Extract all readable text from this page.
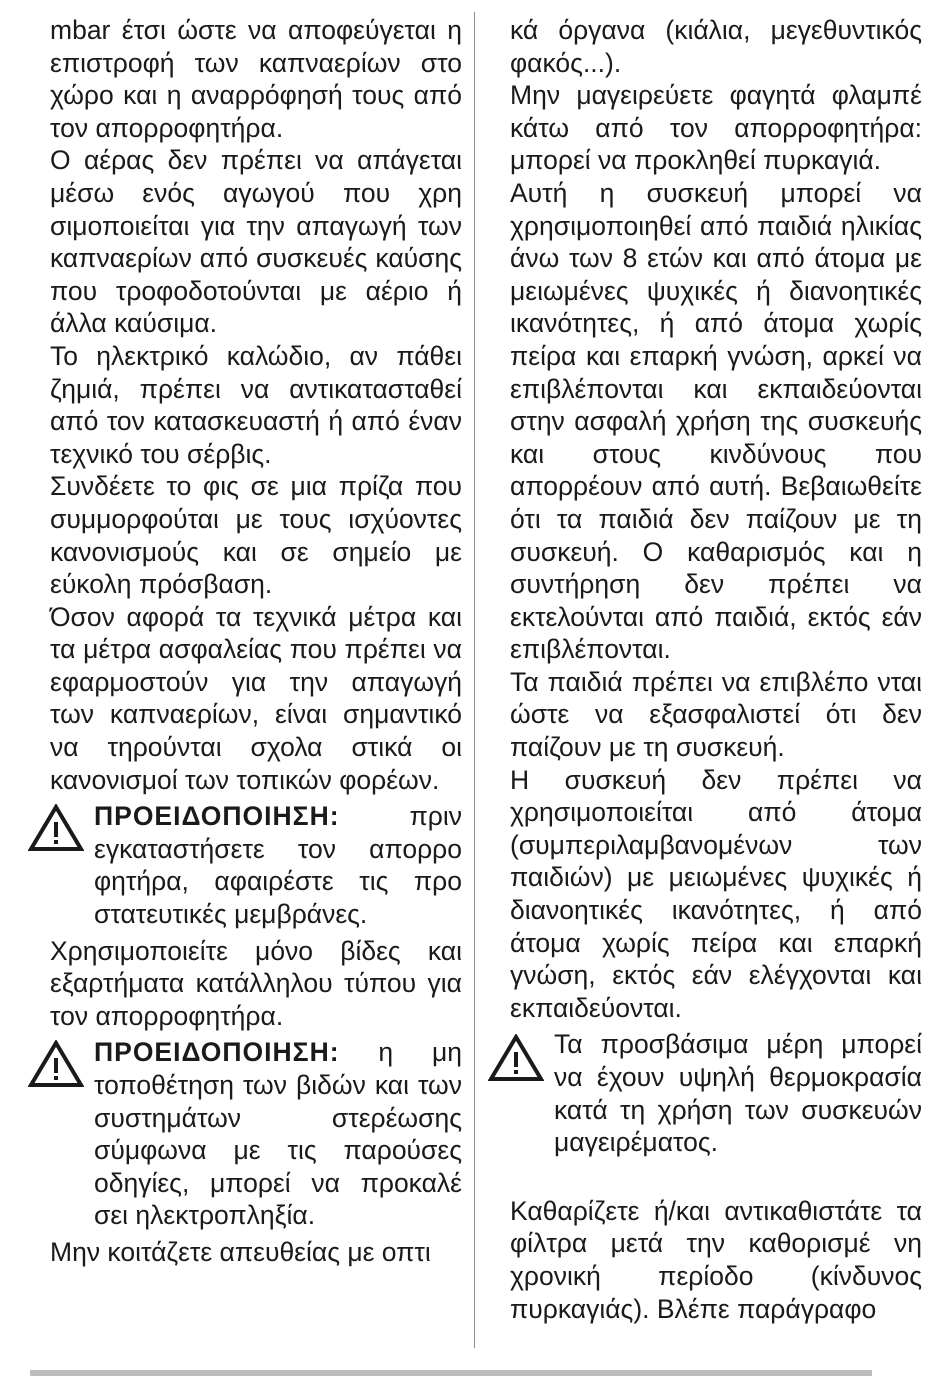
mbar έτσι ώστε να αποφεύγεται η επιστροφή των καπναερίων στο χώρο και η αναρρόφησή τους από τον απορροφητήρα.

Ο αέρας δεν πρέπει να απάγεται μέσω ενός αγωγού που χρη σιμοποιείται για την απαγωγή των καπναερίων από συσκευές καύσης που τροφοδοτούνται με αέριο ή άλλα καύσιμα.

Το ηλεκτρικό καλώδιο, αν πάθει ζημιά, πρέπει να αντικατασταθεί από τον κατασκευαστή ή από έναν τεχνικό του σέρβις.

Συνδέετε το φις σε μια πρίζα που συμμορφούται με τους ισχύοντες κανονισμούς και σε σημείο με εύκολη πρόσβαση.

Όσον αφορά τα τεχνικά μέτρα και τα μέτρα ασφαλείας που πρέπει να εφαρμοστούν για την απαγωγή των καπναερίων, είναι σημαντικό να τηρούνται σχολα στικά οι κανονισμοί των τοπικών φορέων.

ΠΡΟΕΙΔΟΠΟΙΗΣΗ: πριν εγκαταστήσετε τον απορρο φητήρα, αφαιρέστε τις προ στατευτικές μεμβράνες.

Χρησιμοποιείτε μόνο βίδες και εξαρτήματα κατάλληλου τύπου για τον απορροφητήρα.

ΠΡΟΕΙΔΟΠΟΙΗΣΗ: η μη τοποθέτηση των βιδών και των συστημάτων στερέωσης σύμφωνα με τις παρούσες οδηγίες, μπορεί να προκαλέ σει ηλεκτροπληξία.

Μην κοιτάζετε απευθείας με οπτι

κά όργανα (κιάλια, μεγεθυντικός φακός...).

Μην μαγειρεύετε φαγητά φλαμπέ κάτω από τον απορροφητήρα: μπορεί να προκληθεί πυρκαγιά.

Αυτή η συσκευή μπορεί να χρησιμοποιηθεί από παιδιά ηλικίας άνω των 8 ετών και από άτομα με μειωμένες ψυχικές ή διανοητικές ικανότητες, ή από άτομα χωρίς πείρα και επαρκή γνώση, αρκεί να επιβλέπονται και εκπαιδεύονται στην ασφαλή χρήση της συσκευής και στους κινδύνους που απορρέουν από αυτή. Βεβαιωθείτε ότι τα παιδιά δεν παίζουν με τη συσκευή. Ο καθαρισμός και η συντήρηση δεν πρέπει να εκτελούνται από παιδιά, εκτός εάν επιβλέπονται.

Τα παιδιά πρέπει να επιβλέπο νται ώστε να εξασφαλιστεί ότι δεν παίζουν με τη συσκευή.

Η συσκευή δεν πρέπει να χρησιμοποιείται από άτομα (συμπεριλαμβανομένων των παιδιών) με μειωμένες ψυχικές ή διανοητικές ικανότητες, ή από άτομα χωρίς πείρα και επαρκή γνώση, εκτός εάν ελέγχονται και εκπαιδεύονται.

Τα προσβάσιμα μέρη μπορεί να έχουν υψηλή θερμοκρασία κατά τη χρήση των συσκευών μαγειρέματος.

Καθαρίζετε ή/και αντικαθιστάτε τα φίλτρα μετά την καθορισμέ νη χρονική περίοδο (κίνδυνος πυρκαγιάς). Βλέπε παράγραφο
